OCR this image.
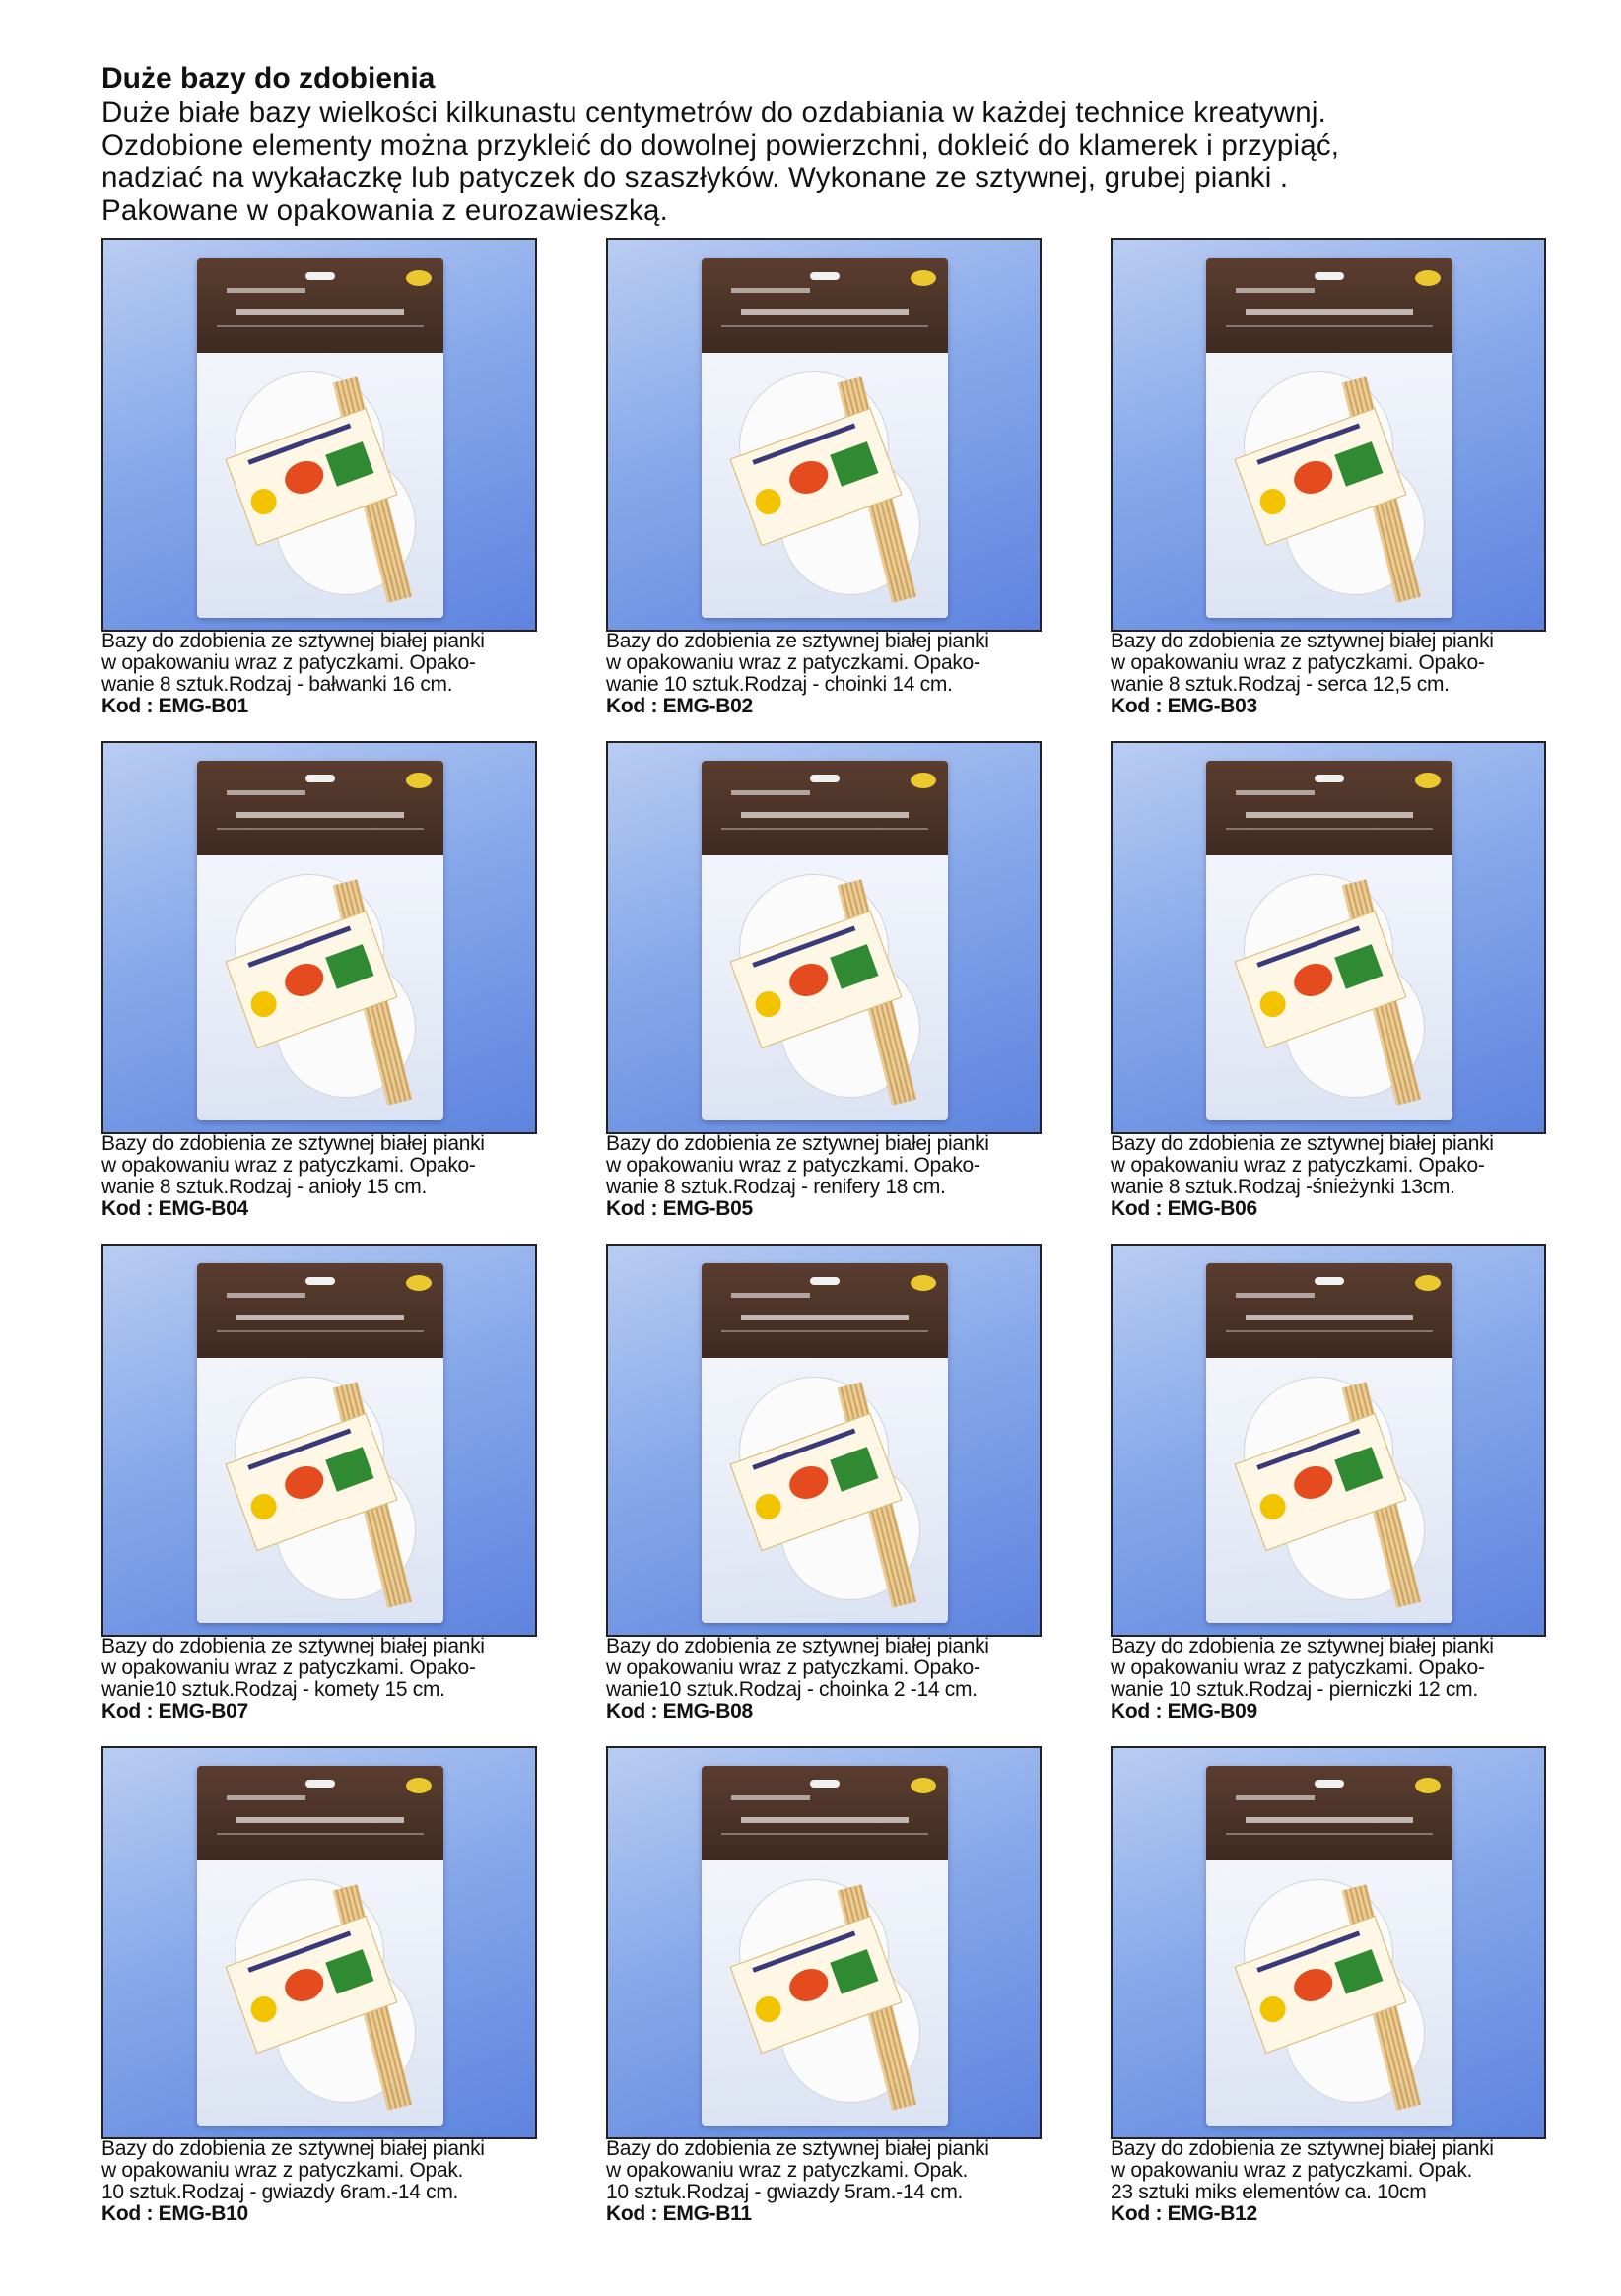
Duże bazy do zdobienia

Duże białe bazy wielkości kilkunastu centymetrów do ozdabiania w każdej technice kreatywnj.

Ozdobione elementy można przykleić do dowolnej powierzchni, dokleić do klamerek i przypiąć,

nadziać na wykałaczkę lub patyczek do szaszłyków. Wykonane ze sztywnej, grubej pianki .

Pakowane w opakowania z eurozawieszką.

Bazy do zdobienia ze sztywnej białej pianki
w opakowaniu wraz z patyczkami. Opako-
wanie 8 sztuk.Rodzaj - bałwanki 16 cm.
Kod : EMG-B01
Bazy do zdobienia ze sztywnej białej pianki
w opakowaniu wraz z patyczkami. Opako-
wanie 10 sztuk.Rodzaj - choinki 14 cm.
Kod : EMG-B02
Bazy do zdobienia ze sztywnej białej pianki
w opakowaniu wraz z patyczkami. Opako-
wanie 8 sztuk.Rodzaj - serca 12,5 cm.
Kod : EMG-B03
Bazy do zdobienia ze sztywnej białej pianki
w opakowaniu wraz z patyczkami. Opako-
wanie 8 sztuk.Rodzaj - anioły 15 cm.
Kod : EMG-B04
Bazy do zdobienia ze sztywnej białej pianki
w opakowaniu wraz z patyczkami. Opako-
wanie 8 sztuk.Rodzaj - renifery 18 cm.
Kod : EMG-B05
Bazy do zdobienia ze sztywnej białej pianki
w opakowaniu wraz z patyczkami. Opako-
wanie 8 sztuk.Rodzaj -śnieżynki 13cm.
Kod : EMG-B06
Bazy do zdobienia ze sztywnej białej pianki
w opakowaniu wraz z patyczkami. Opako-
wanie10 sztuk.Rodzaj - komety 15 cm.
Kod : EMG-B07
Bazy do zdobienia ze sztywnej białej pianki
w opakowaniu wraz z patyczkami. Opako-
wanie10 sztuk.Rodzaj - choinka 2 -14 cm.
Kod : EMG-B08
Bazy do zdobienia ze sztywnej białej pianki
w opakowaniu wraz z patyczkami. Opako-
wanie 10 sztuk.Rodzaj - pierniczki 12 cm.
Kod : EMG-B09
Bazy do zdobienia ze sztywnej białej pianki
w opakowaniu wraz z patyczkami. Opak.
10 sztuk.Rodzaj - gwiazdy 6ram.-14 cm.
Kod : EMG-B10
Bazy do zdobienia ze sztywnej białej pianki
w opakowaniu wraz z patyczkami. Opak.
10 sztuk.Rodzaj - gwiazdy 5ram.-14 cm.
Kod : EMG-B11
Bazy do zdobienia ze sztywnej białej pianki
w opakowaniu wraz z patyczkami. Opak.
23 sztuki miks elementów ca. 10cm
Kod : EMG-B12
